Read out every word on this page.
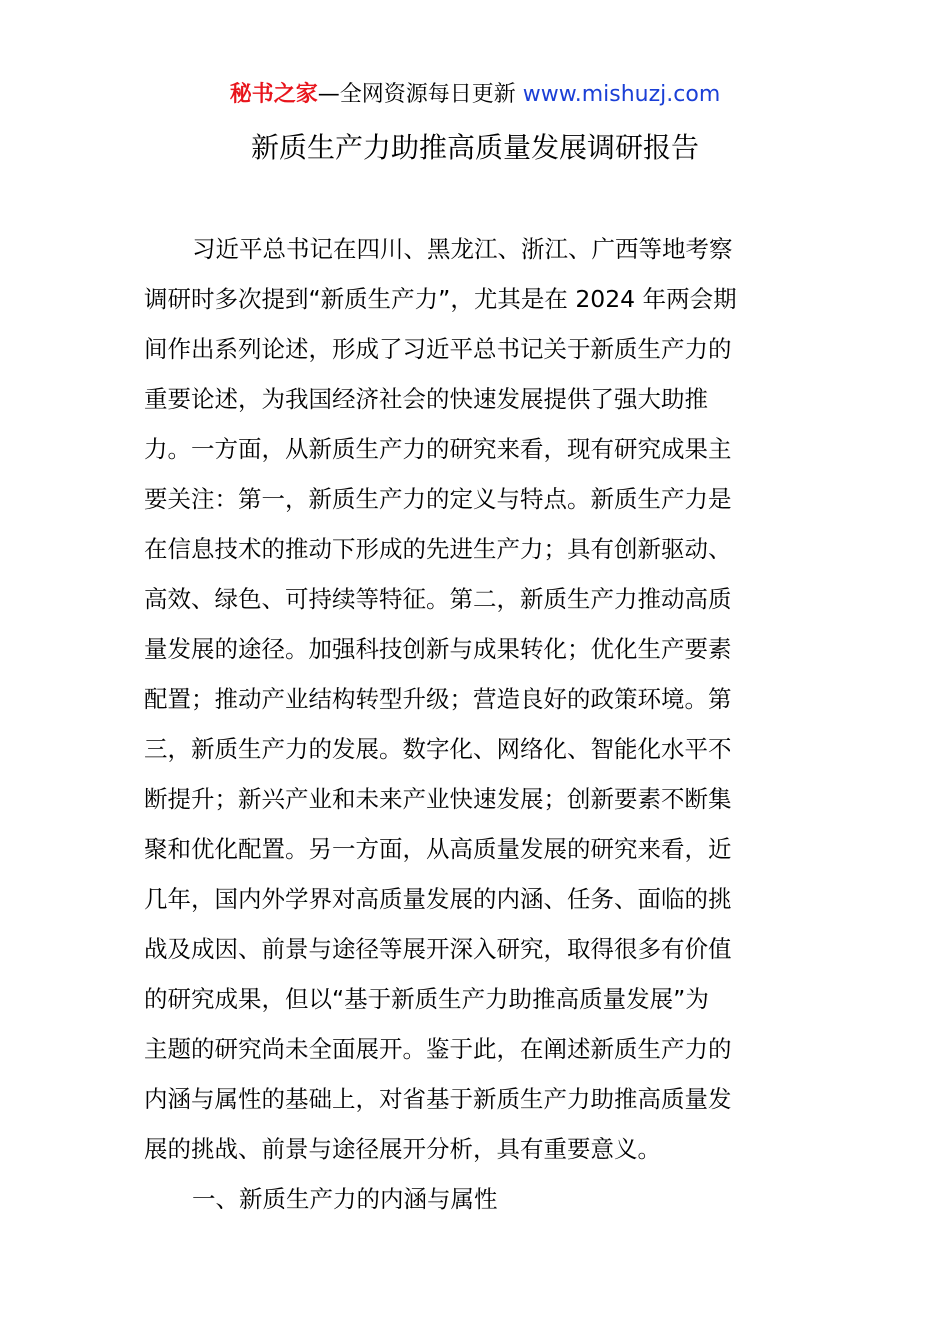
秘书之家—全网资源每日更新 www.mishuzj.com
新质生产力助推高质量发展调研报告
习近平总书记在四川、黑龙江、浙江、广西等地考察
调研时多次提到“新质生产力”，尤其是在 2024 年两会期
间作出系列论述，形成了习近平总书记关于新质生产力的
重要论述，为我国经济社会的快速发展提供了强大助推
力。一方面，从新质生产力的研究来看，现有研究成果主
要关注：第一，新质生产力的定义与特点。新质生产力是
在信息技术的推动下形成的先进生产力；具有创新驱动、
高效、绿色、可持续等特征。第二，新质生产力推动高质
量发展的途径。加强科技创新与成果转化；优化生产要素
配置；推动产业结构转型升级；营造良好的政策环境。第
三，新质生产力的发展。数字化、网络化、智能化水平不
断提升；新兴产业和未来产业快速发展；创新要素不断集
聚和优化配置。另一方面，从高质量发展的研究来看，近
几年，国内外学界对高质量发展的内涵、任务、面临的挑
战及成因、前景与途径等展开深入研究，取得很多有价值
的研究成果，但以“基于新质生产力助推高质量发展”为
主题的研究尚未全面展开。鉴于此，在阐述新质生产力的
内涵与属性的基础上，对省基于新质生产力助推高质量发
展的挑战、前景与途径展开分析，具有重要意义。
一、新质生产力的内涵与属性
